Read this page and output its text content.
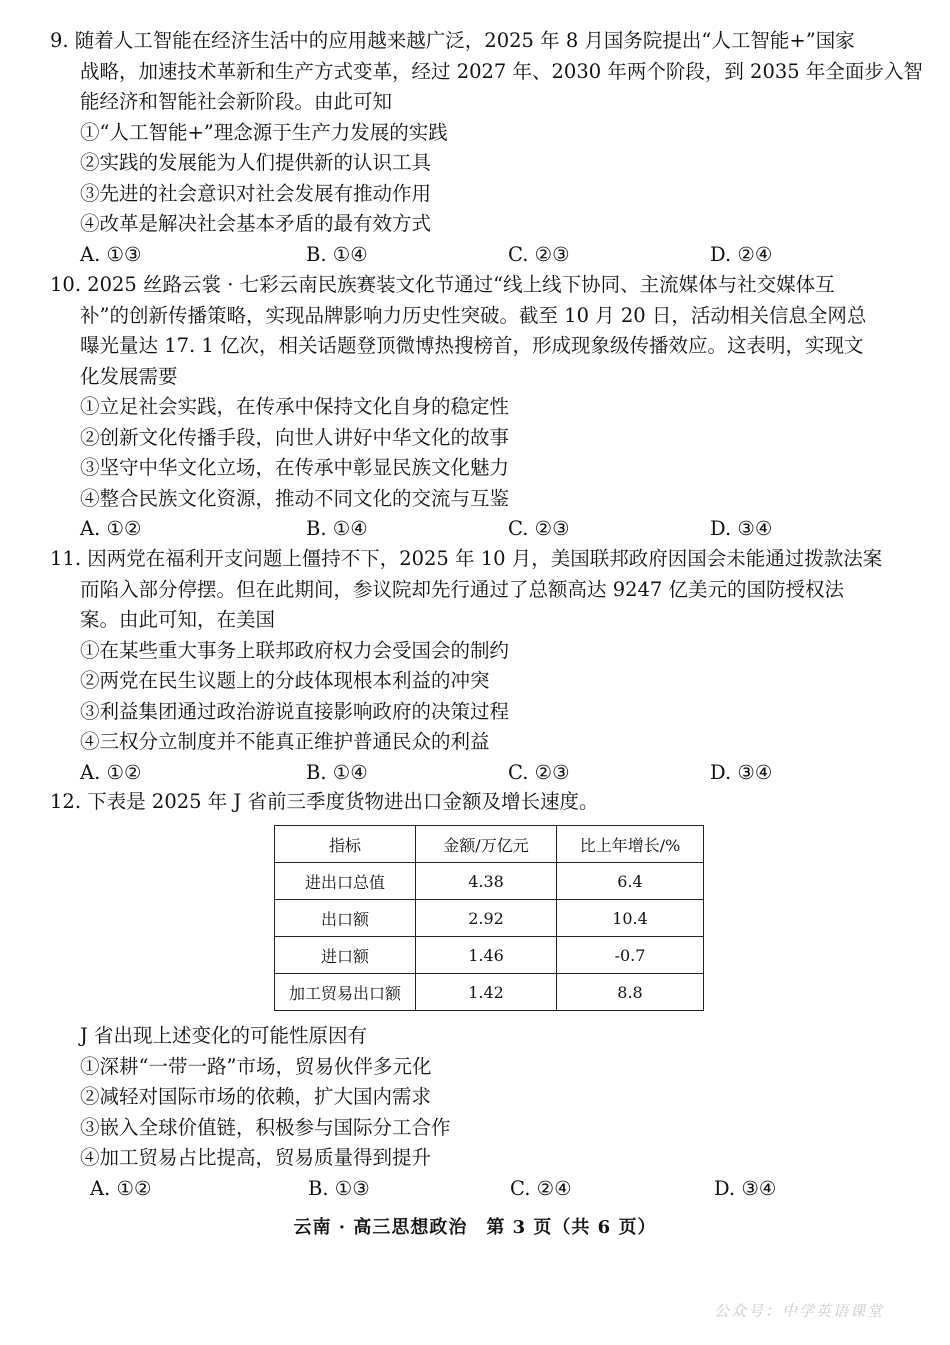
9. 随着人工智能在经济生活中的应用越来越广泛，2025 年 8 月国务院提出“人工智能+”国家
战略，加速技术革新和生产方式变革，经过 2027 年、2030 年两个阶段，到 2035 年全面步入智
能经济和智能社会新阶段。由此可知
①“人工智能+”理念源于生产力发展的实践
②实践的发展能为人们提供新的认识工具
③先进的社会意识对社会发展有推动作用
④改革是解决社会基本矛盾的最有效方式
A. ①③	B. ①④	C. ②③	D. ②④
10. 2025 丝路云裳 · 七彩云南民族赛装文化节通过“线上线下协同、主流媒体与社交媒体互
补”的创新传播策略，实现品牌影响力历史性突破。截至 10 月 20 日，活动相关信息全网总
曝光量达 17. 1 亿次，相关话题登顶微博热搜榜首，形成现象级传播效应。这表明，实现文
化发展需要
①立足社会实践，在传承中保持文化自身的稳定性
②创新文化传播手段，向世人讲好中华文化的故事
③坚守中华文化立场，在传承中彰显民族文化魅力
④整合民族文化资源，推动不同文化的交流与互鉴
A. ①②	B. ①④	C. ②③	D. ③④
11. 因两党在福利开支问题上僵持不下，2025 年 10 月，美国联邦政府因国会未能通过拨款法案
而陷入部分停摆。但在此期间，参议院却先行通过了总额高达 9247 亿美元的国防授权法
案。由此可知，在美国
①在某些重大事务上联邦政府权力会受国会的制约
②两党在民生议题上的分歧体现根本利益的冲突
③利益集团通过政治游说直接影响政府的决策过程
④三权分立制度并不能真正维护普通民众的利益
A. ①②	B. ①④	C. ②③	D. ③④
12. 下表是 2025 年 J 省前三季度货物进出口金额及增长速度。
指标	金额/万亿元	比上年增长/%
进出口总值	4.38	6.4
出口额	2.92	10.4
进口额	1.46	-0.7
加工贸易出口额	1.42	8.8
J 省出现上述变化的可能性原因有
①深耕“一带一路”市场，贸易伙伴多元化
②减轻对国际市场的依赖，扩大国内需求
③嵌入全球价值链，积极参与国际分工合作
④加工贸易占比提高，贸易质量得到提升
A. ①②	B. ①③	C. ②④	D. ③④
云南 · 高三思想政治　第 3 页（共 6 页）
公众号：中学英语课堂
